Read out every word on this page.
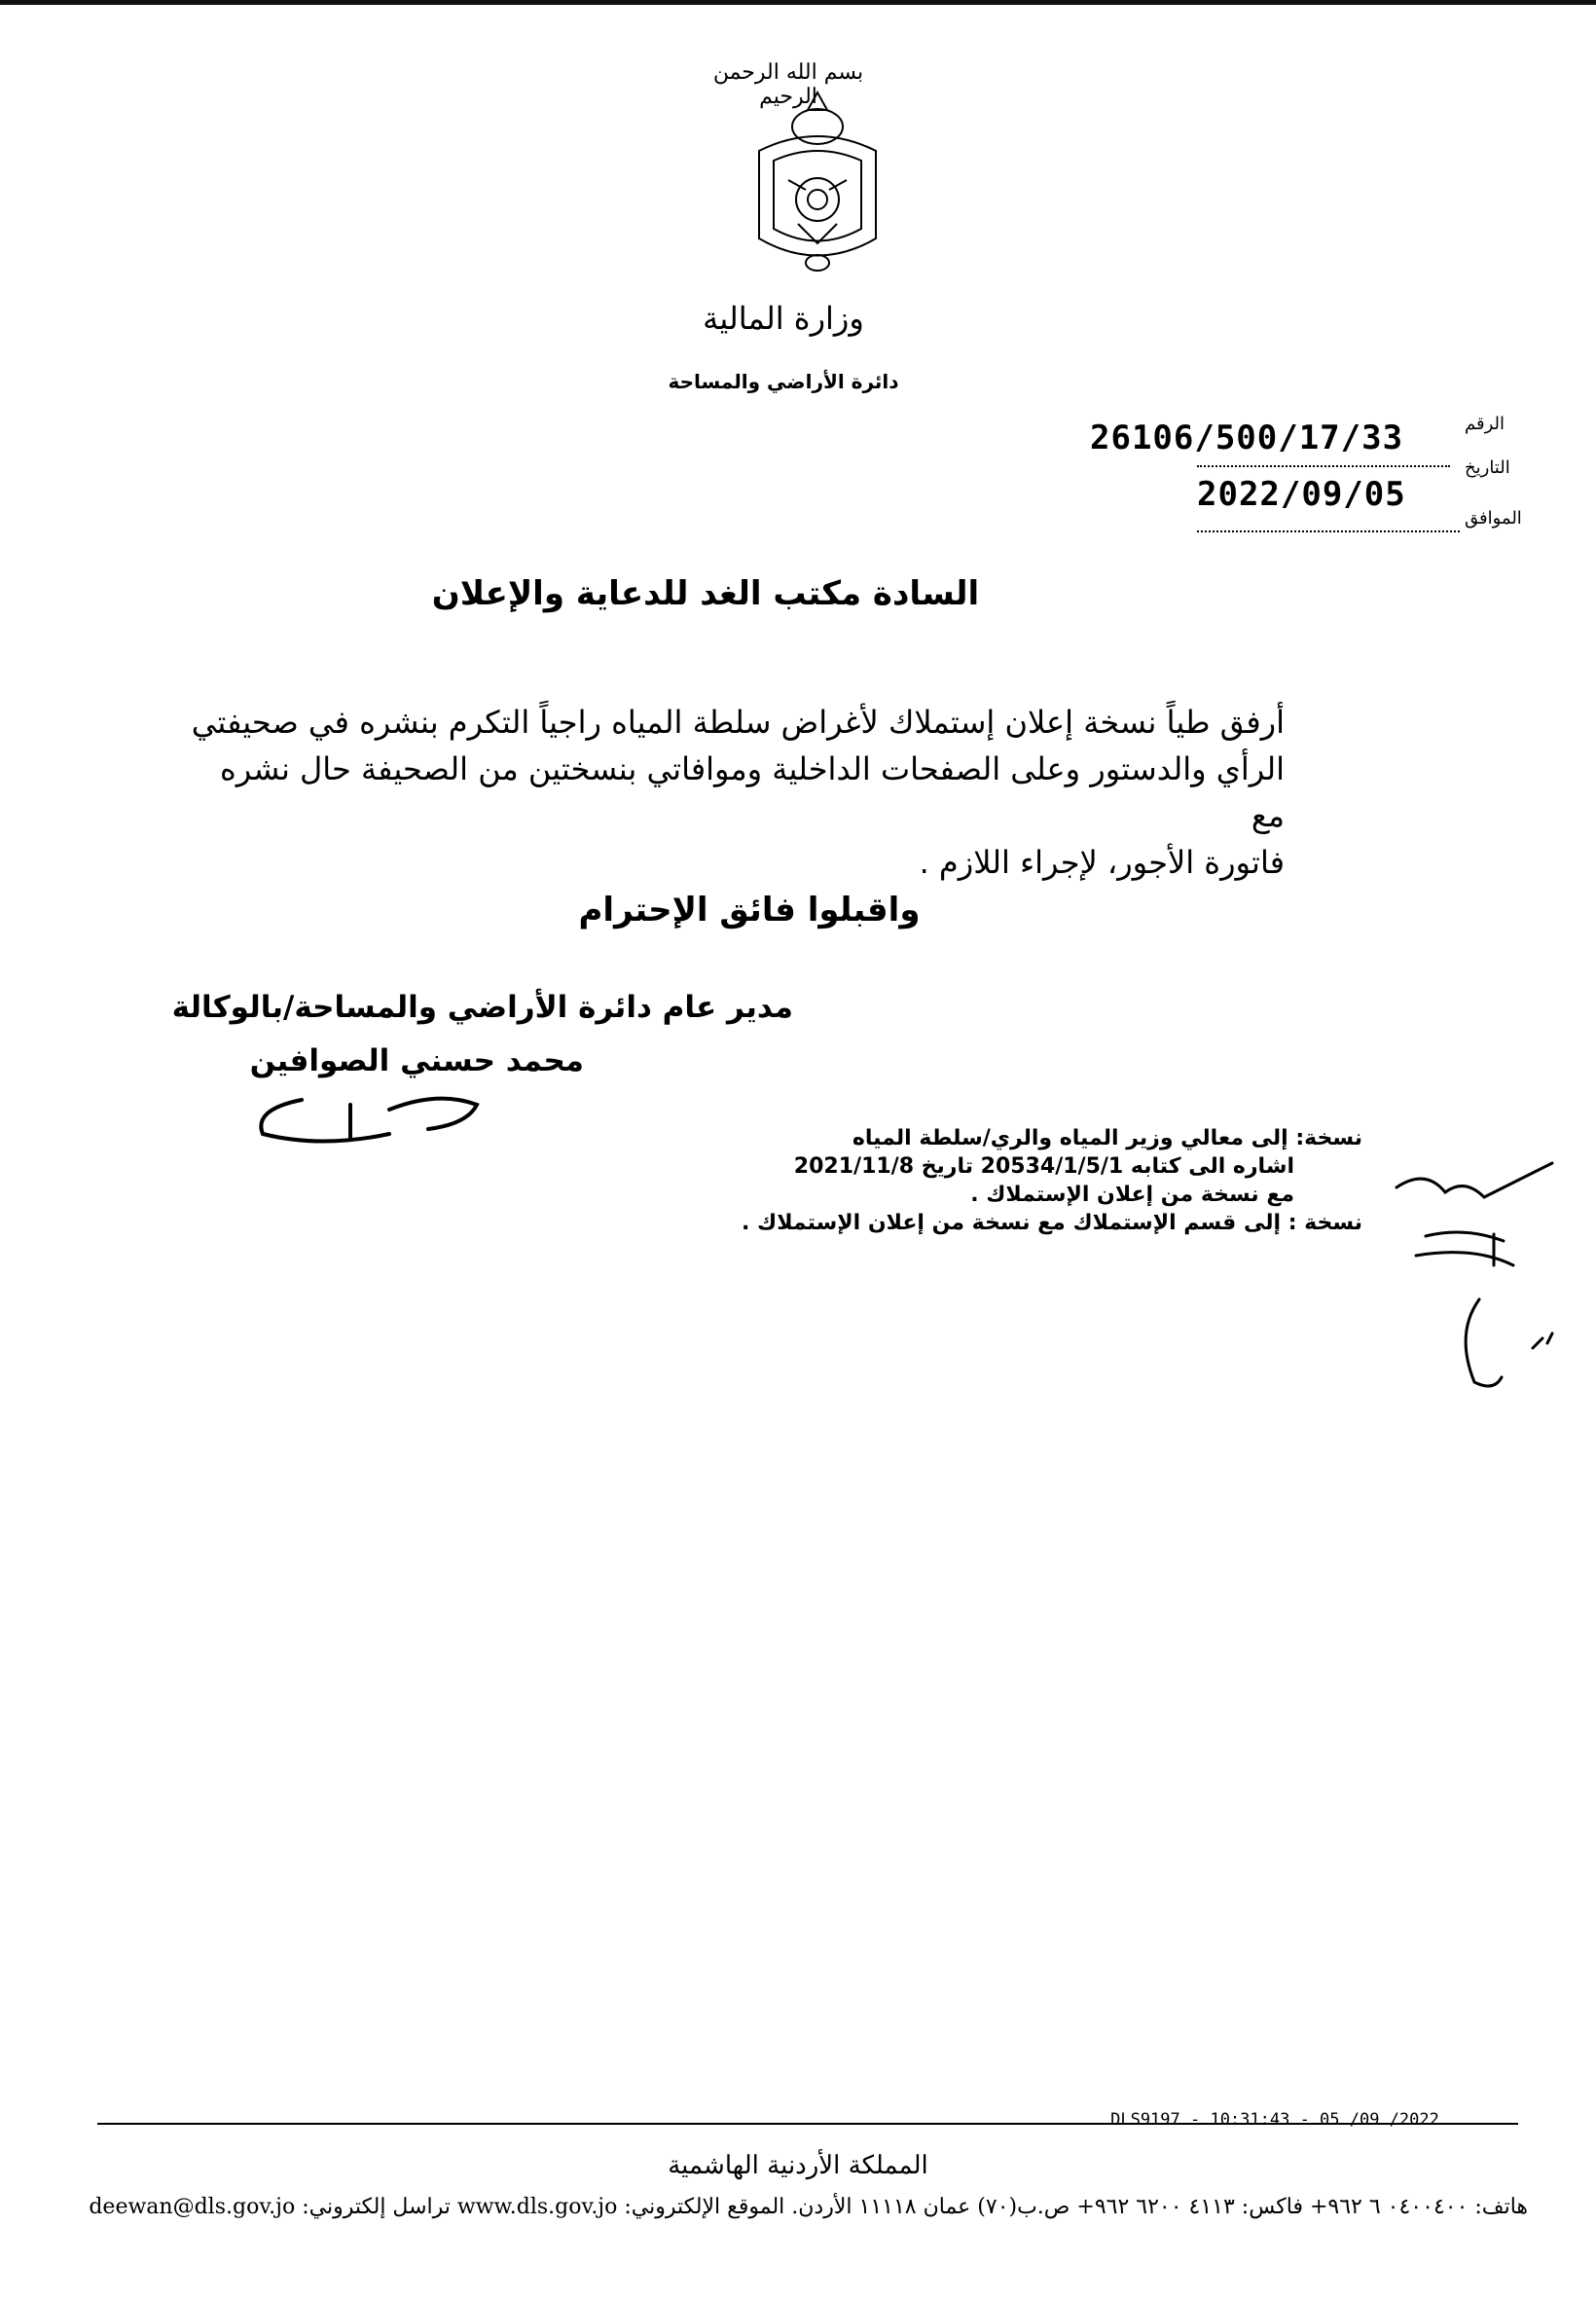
بسم الله الرحمن الرحيم
وزارة المالية
دائرة الأراضي والمساحة
الرقم
26106/500/17/33
التاريخ
2022/09/05
الموافق
السادة مكتب الغد للدعاية والإعلان
أرفق طياً نسخة إعلان إستملاك لأغراض سلطة المياه راجياً التكرم بنشره في صحيفتي
الرأي والدستور وعلى الصفحات الداخلية وموافاتي بنسختين من الصحيفة حال نشره مع
فاتورة الأجور، لإجراء اللازم .
واقبلوا فائق الإحترام
مدير عام دائرة الأراضي والمساحة/بالوكالة
محمد حسني الصوافين
نسخة: إلى معالي وزير المياه والري/سلطة المياه
اشاره الى كتابه 20534/1/5/1 تاريخ 2021/11/8
مع نسخة من إعلان الإستملاك .
نسخة : إلى قسم الإستملاك مع نسخة من إعلان الإستملاك .
DLS9197 - 10:31:43 - 05 /09 /2022
المملكة الأردنية الهاشمية
هاتف: ٠٤٠٠٤٠٠ ٦ ٩٦٢+ فاكس: ٤١١٣ ٦٢٠٠ ٩٦٢+ ص.ب(٧٠) عمان ١١١١٨ الأردن. الموقع الإلكتروني: www.dls.gov.jo تراسل إلكتروني: deewan@dls.gov.jo
